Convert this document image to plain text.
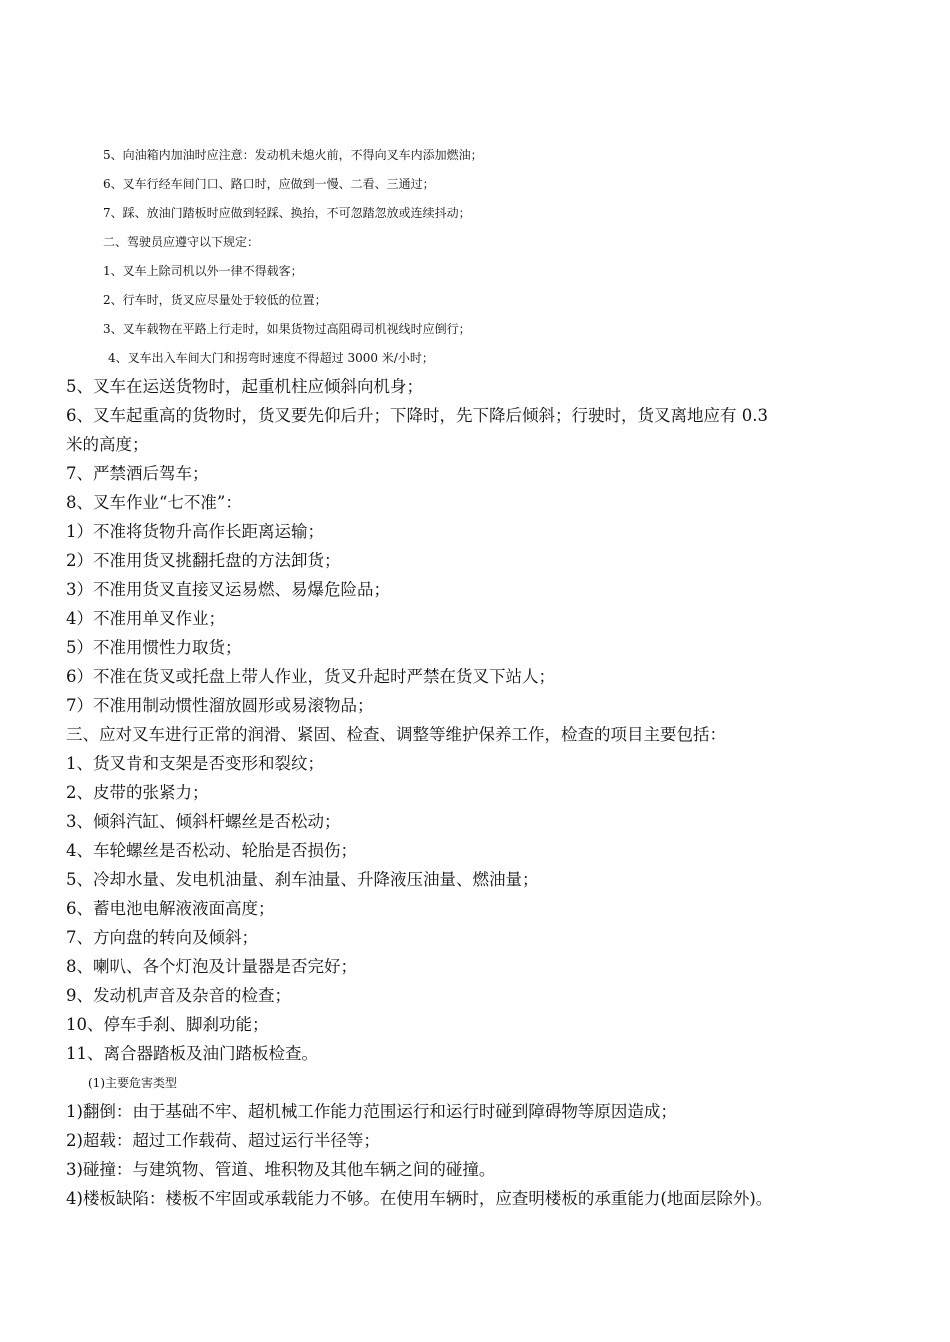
5、向油箱内加油时应注意：发动机未熄火前，不得向叉车内添加燃油；
6、叉车行经车间门口、路口时，应做到一慢、二看、三通过；
7、踩、放油门踏板时应做到轻踩、换抬，不可忽踏忽放或连续抖动；
二、驾驶员应遵守以下规定：
1、叉车上除司机以外一律不得载客；
2、行车时，货叉应尽量处于较低的位置；
3、叉车载物在平路上行走时，如果货物过高阻碍司机视线时应倒行；
4、叉车出入车间大门和拐弯时速度不得超过 3000 米/小时；
5、叉车在运送货物时，起重机柱应倾斜向机身；
6、叉车起重高的货物时，货叉要先仰后升；下降时，先下降后倾斜；行驶时，货叉离地应有 0.3
米的高度；
7、严禁酒后驾车；
8、叉车作业“七不准”：
1）不准将货物升高作长距离运输；
2）不准用货叉挑翻托盘的方法卸货；
3）不准用货叉直接叉运易燃、易爆危险品；
4）不准用单叉作业；
5）不准用惯性力取货；
6）不准在货叉或托盘上带人作业，货叉升起时严禁在货叉下站人；
7）不准用制动惯性溜放圆形或易滚物品；
三、应对叉车进行正常的润滑、紧固、检查、调整等维护保养工作，检查的项目主要包括：
1、货叉肯和支架是否变形和裂纹；
2、皮带的张紧力；
3、倾斜汽缸、倾斜杆螺丝是否松动；
4、车轮螺丝是否松动、轮胎是否损伤；
5、冷却水量、发电机油量、刹车油量、升降液压油量、燃油量；
6、蓄电池电解液液面高度；
7、方向盘的转向及倾斜；
8、喇叭、各个灯泡及计量器是否完好；
9、发动机声音及杂音的检查；
10、停车手刹、脚刹功能；
11、离合器踏板及油门踏板检查。
(1)主要危害类型
1)翻倒：由于基础不牢、超机械工作能力范围运行和运行时碰到障碍物等原因造成；
2)超载：超过工作载荷、超过运行半径等；
3)碰撞：与建筑物、管道、堆积物及其他车辆之间的碰撞。
4)楼板缺陷：楼板不牢固或承载能力不够。在使用车辆时，应查明楼板的承重能力(地面层除外)。
